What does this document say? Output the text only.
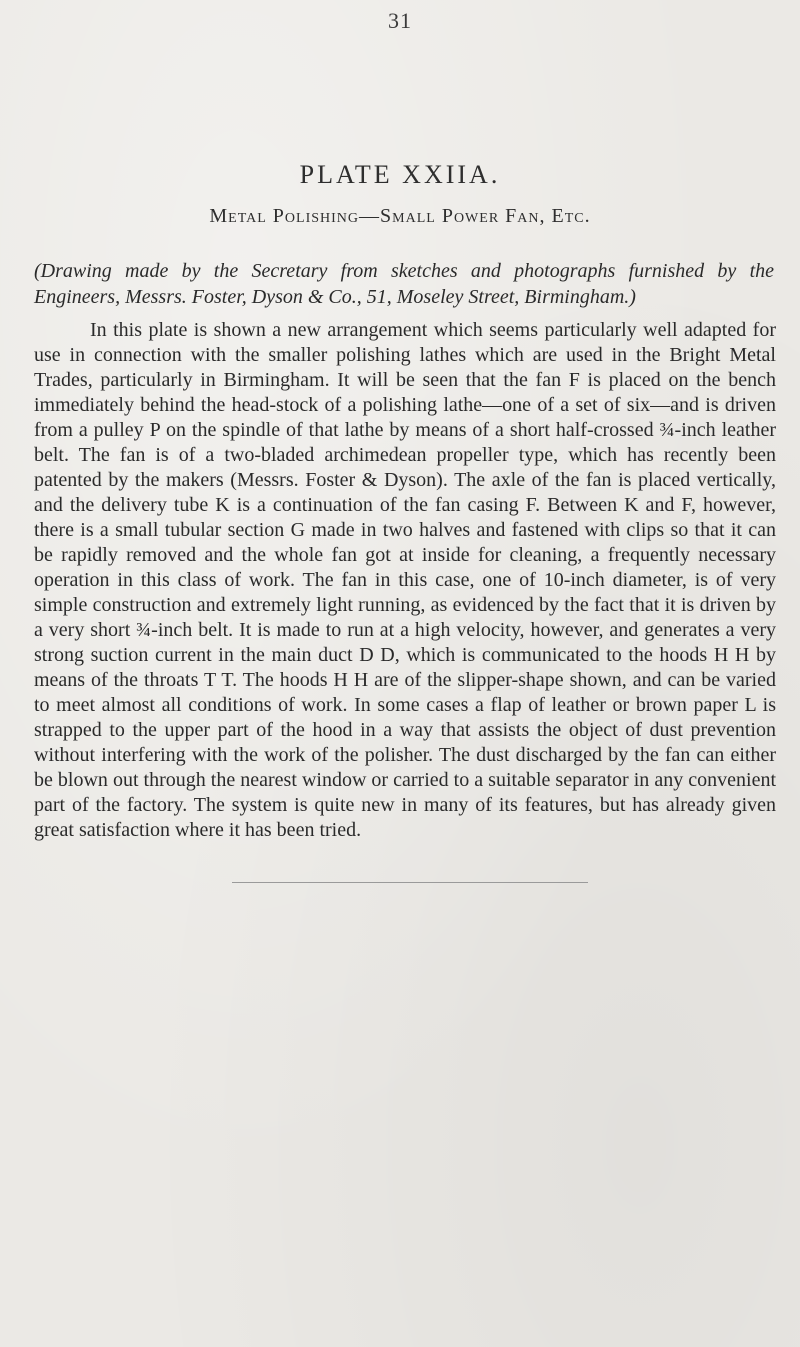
31
PLATE XXIIA.
Metal Polishing—Small Power Fan, Etc.
(Drawing made by the Secretary from sketches and photographs furnished by the Engineers, Messrs. Foster, Dyson & Co., 51, Moseley Street, Birmingham.)
In this plate is shown a new arrangement which seems particularly well adapted for use in connection with the smaller polishing lathes which are used in the Bright Metal Trades, particularly in Birmingham. It will be seen that the fan F is placed on the bench immediately behind the head-stock of a polishing lathe—one of a set of six—and is driven from a pulley P on the spindle of that lathe by means of a short half-crossed ¾-inch leather belt. The fan is of a two-bladed archimedean propeller type, which has recently been patented by the makers (Messrs. Foster & Dyson). The axle of the fan is placed vertically, and the delivery tube K is a continuation of the fan casing F. Between K and F, however, there is a small tubular section G made in two halves and fastened with clips so that it can be rapidly removed and the whole fan got at inside for cleaning, a frequently necessary operation in this class of work. The fan in this case, one of 10-inch diameter, is of very simple construction and extremely light running, as evidenced by the fact that it is driven by a very short ¾-inch belt. It is made to run at a high velocity, however, and generates a very strong suction current in the main duct D D, which is communicated to the hoods H H by means of the throats T T. The hoods H H are of the slipper-shape shown, and can be varied to meet almost all conditions of work. In some cases a flap of leather or brown paper L is strapped to the upper part of the hood in a way that assists the object of dust prevention without interfering with the work of the polisher. The dust discharged by the fan can either be blown out through the nearest window or carried to a suitable separator in any convenient part of the factory. The system is quite new in many of its features, but has already given great satisfaction where it has been tried.
